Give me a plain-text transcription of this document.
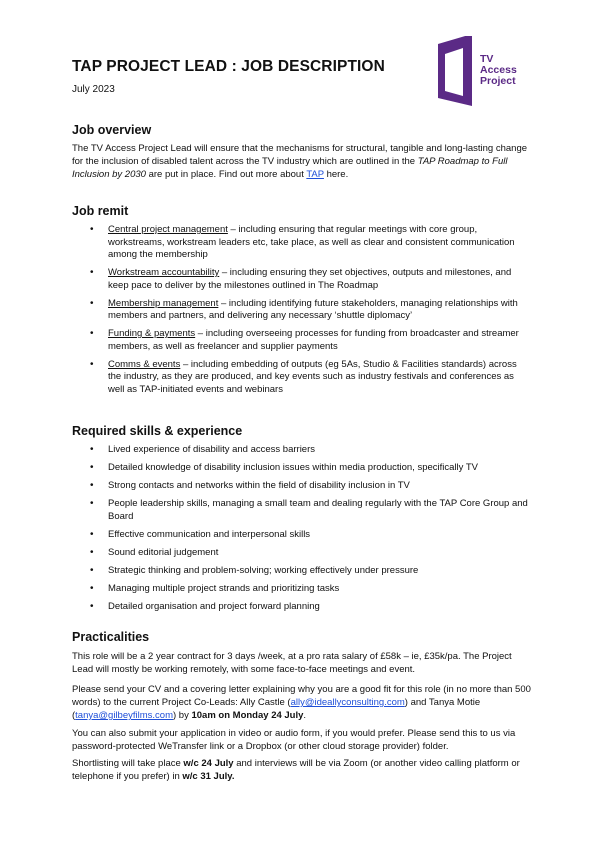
TAP PROJECT LEAD : JOB DESCRIPTION
July 2023
TV
Access
Project
Job overview

The TV Access Project Lead will ensure that the mechanisms for structural, tangible and long-lasting change for the inclusion of disabled talent across the TV industry which are outlined in the TAP Roadmap to Full Inclusion by 2030 are put in place. Find out more about TAP here.

Job remit
• Central project management – including ensuring that regular meetings with core group, workstreams, workstream leaders etc, take place, as well as clear and consistent communication among the membership
• Workstream accountability – including ensuring they set objectives, outputs and milestones, and keep pace to deliver by the milestones outlined in The Roadmap
• Membership management – including identifying future stakeholders, managing relationships with members and partners, and delivering any necessary ‘shuttle diplomacy’
• Funding & payments – including overseeing processes for funding from broadcaster and streamer members, as well as freelancer and supplier payments
• Comms & events – including embedding of outputs (eg 5As, Studio & Facilities standards) across the industry, as they are produced, and key events such as industry festivals and conferences as well as TAP-initiated events and webinars
Required skills & experience
• Lived experience of disability and access barriers
• Detailed knowledge of disability inclusion issues within media production, specifically TV
• Strong contacts and networks within the field of disability inclusion in TV
• People leadership skills, managing a small team and dealing regularly with the TAP Core Group and Board
• Effective communication and interpersonal skills
• Sound editorial judgement
• Strategic thinking and problem-solving; working effectively under pressure
• Managing multiple project strands and prioritizing tasks
• Detailed organisation and project forward planning
Practicalities

This role will be a 2 year contract for 3 days /week, at a pro rata salary of £58k – ie, £35k/pa. The Project Lead will mostly be working remotely, with some face-to-face meetings and event.

Please send your CV and a covering letter explaining why you are a good fit for this role (in no more than 500 words) to the current Project Co-Leads: Ally Castle (ally@ideallyconsulting.com) and Tanya Motie (tanya@gilbeyfilms.com) by 10am on Monday 24 July.

You can also submit your application in video or audio form, if you would prefer. Please send this to us via password-protected WeTransfer link or a Dropbox (or other cloud storage provider) folder.

Shortlisting will take place w/c 24 July and interviews will be via Zoom (or another video calling platform or telephone if you prefer) in w/c 31 July.
